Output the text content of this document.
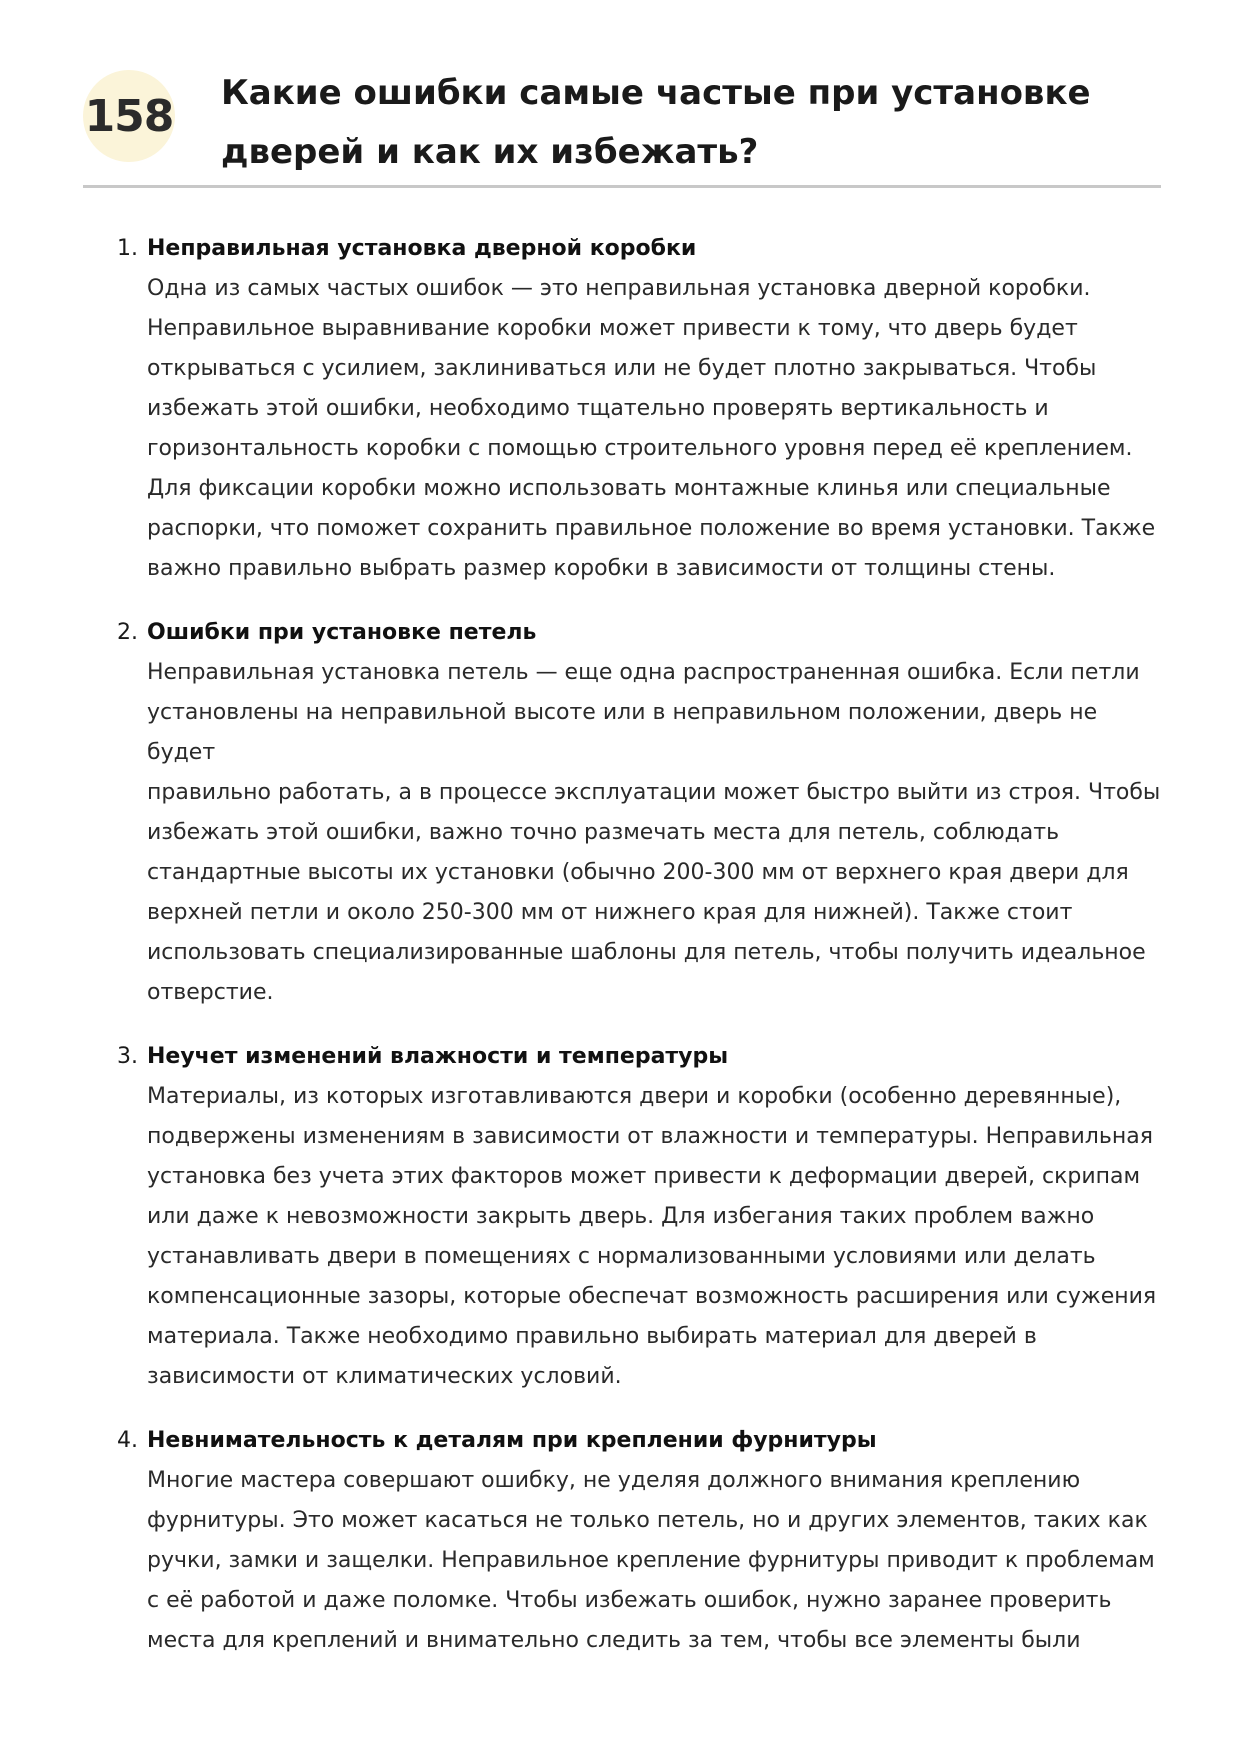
158 Какие ошибки самые частые при установке
дверей и как их избежать?
1. Неправильная установка дверной коробки

Одна из самых частых ошибок — это неправильная установка дверной коробки.
Неправильное выравнивание коробки может привести к тому, что дверь будет
открываться с усилием, заклиниваться или не будет плотно закрываться. Чтобы
избежать этой ошибки, необходимо тщательно проверять вертикальность и
горизонтальность коробки с помощью строительного уровня перед её креплением.
Для фиксации коробки можно использовать монтажные клинья или специальные
распорки, что поможет сохранить правильное положение во время установки. Также
важно правильно выбрать размер коробки в зависимости от толщины стены.

2. Ошибки при установке петель

Неправильная установка петель — еще одна распространенная ошибка. Если петли
установлены на неправильной высоте или в неправильном положении, дверь не будет
правильно работать, а в процессе эксплуатации может быстро выйти из строя. Чтобы
избежать этой ошибки, важно точно размечать места для петель, соблюдать
стандартные высоты их установки (обычно 200-300 мм от верхнего края двери для
верхней петли и около 250-300 мм от нижнего края для нижней). Также стоит
использовать специализированные шаблоны для петель, чтобы получить идеальное
отверстие.

3. Неучет изменений влажности и температуры

Материалы, из которых изготавливаются двери и коробки (особенно деревянные),
подвержены изменениям в зависимости от влажности и температуры. Неправильная
установка без учета этих факторов может привести к деформации дверей, скрипам
или даже к невозможности закрыть дверь. Для избегания таких проблем важно
устанавливать двери в помещениях с нормализованными условиями или делать
компенсационные зазоры, которые обеспечат возможность расширения или сужения
материала. Также необходимо правильно выбирать материал для дверей в
зависимости от климатических условий.

4. Невнимательность к деталям при креплении фурнитуры

Многие мастера совершают ошибку, не уделяя должного внимания креплению
фурнитуры. Это может касаться не только петель, но и других элементов, таких как
ручки, замки и защелки. Неправильное крепление фурнитуры приводит к проблемам
с её работой и даже поломке. Чтобы избежать ошибок, нужно заранее проверить
места для креплений и внимательно следить за тем, чтобы все элементы были
